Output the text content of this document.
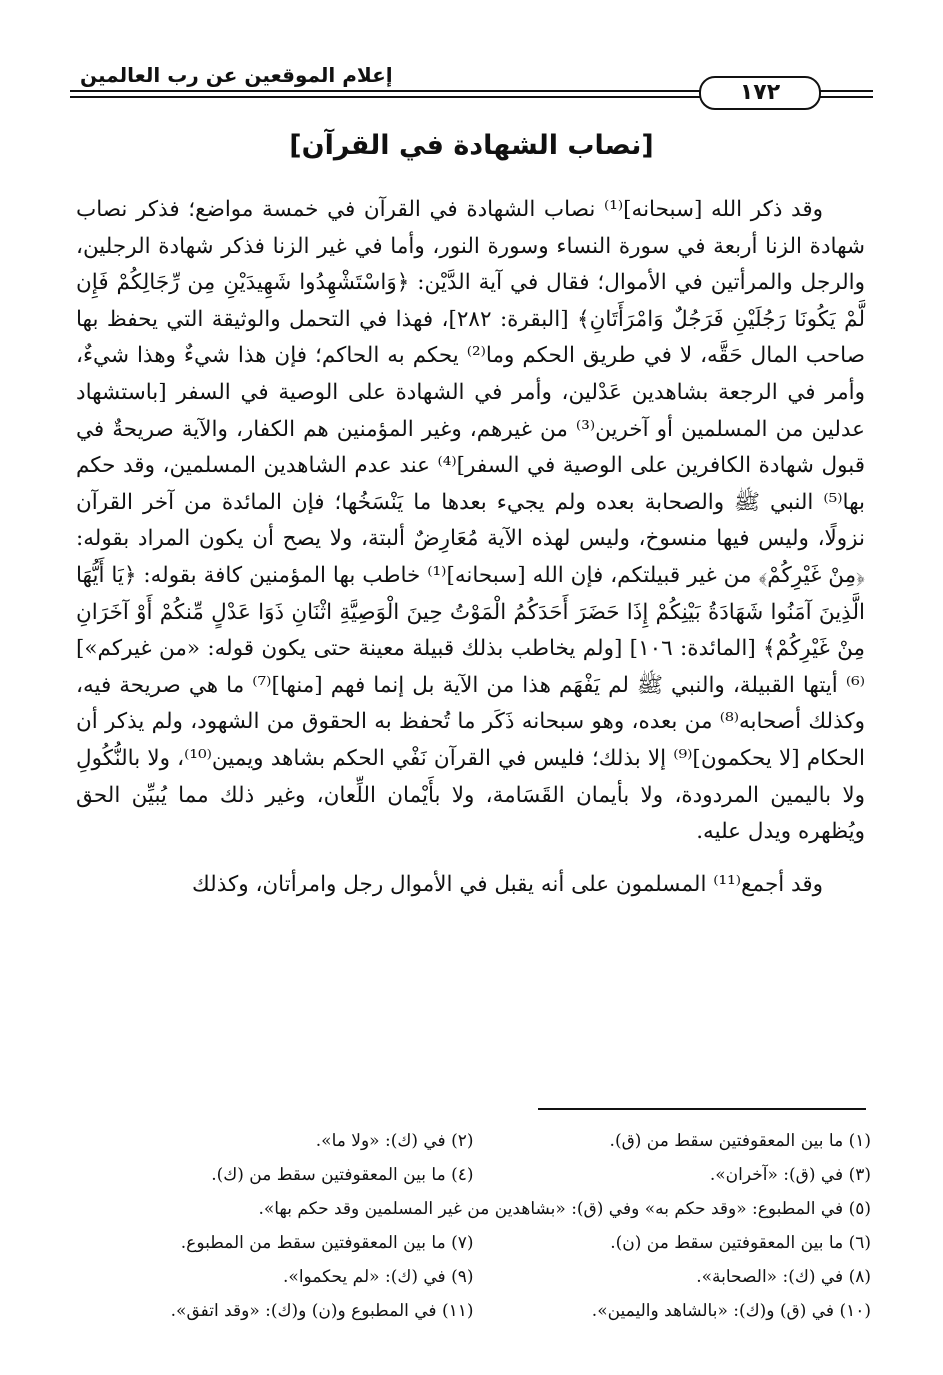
١٧٢
إعلام الموقعين عن رب العالمين
[نصاب الشهادة في القرآن]

وقد ذكر الله [سبحانه]⁽¹⁾ نصاب الشهادة في القرآن في خمسة مواضع؛ فذكر نصاب شهادة الزنا أربعة في سورة النساء وسورة النور، وأما في غير الزنا فذكر شهادة الرجلين، والرجل والمرأتين في الأموال؛ فقال في آية الدَّيْن: ﴿وَاسْتَشْهِدُوا شَهِيدَيْنِ مِن رِّجَالِكُمْ فَإِن لَّمْ يَكُونَا رَجُلَيْنِ فَرَجُلٌ وَامْرَأَتَانِ﴾ [البقرة: ٢٨٢]، فهذا في التحمل والوثيقة التي يحفظ بها صاحب المال حَقَّه، لا في طريق الحكم وما⁽²⁾ يحكم به الحاكم؛ فإن هذا شيءٌ وهذا شيءٌ، وأمر في الرجعة بشاهدين عَدْلين، وأمر في الشهادة على الوصية في السفر [باستشهاد عدلين من المسلمين أو آخرين⁽³⁾ من غيرهم، وغير المؤمنين هم الكفار، والآية صريحةٌ في قبول شهادة الكافرين على الوصية في السفر]⁽⁴⁾ عند عدم الشاهدين المسلمين، وقد حكم بها⁽⁵⁾ النبي ﷺ والصحابة بعده ولم يجيء بعدها ما يَنْسَخُها؛ فإن المائدة من آخر القرآن نزولًا، وليس فيها منسوخ، وليس لهذه الآية مُعَارِضٌ ألبتة، ولا يصح أن يكون المراد بقوله: ﴿مِنْ غَيْرِكُمْ﴾ من غير قبيلتكم، فإن الله [سبحانه]⁽¹⁾ خاطب بها المؤمنين كافة بقوله: ﴿يَا أَيُّهَا الَّذِينَ آمَنُوا شَهَادَةُ بَيْنِكُمْ إِذَا حَضَرَ أَحَدَكُمُ الْمَوْتُ حِينَ الْوَصِيَّةِ اثْنَانِ ذَوَا عَدْلٍ مِّنكُمْ أَوْ آخَرَانِ مِنْ غَيْرِكُمْ﴾ [المائدة: ١٠٦] [ولم يخاطب بذلك قبيلة معينة حتى يكون قوله: «من غيركم»]⁽⁶⁾ أيتها القبيلة، والنبي ﷺ لم يَفْهَم هذا من الآية بل إنما فهم [منها]⁽⁷⁾ ما هي صريحة فيه، وكذلك أصحابه⁽⁸⁾ من بعده، وهو سبحانه ذَكَر ما تُحفظ به الحقوق من الشهود، ولم يذكر أن الحكام [لا يحكمون]⁽⁹⁾ إلا بذلك؛ فليس في القرآن نَفْي الحكم بشاهد ويمين⁽¹⁰⁾، ولا بالنُّكُولِ ولا باليمين المردودة، ولا بأيمان القَسَامة، ولا بأَيْمان اللِّعان، وغير ذلك مما يُبيِّن الحق ويُظهره ويدل عليه.

وقد أجمع⁽¹¹⁾ المسلمون على أنه يقبل في الأموال رجل وامرأتان، وكذلك

(١) ما بين المعقوفتين سقط من (ق).
(٢) في (ك): «ولا ما».
(٣) في (ق): «آخران».
(٤) ما بين المعقوفتين سقط من (ك).
(٥) في المطبوع: «وقد حكم به» وفي (ق): «بشاهدين من غير المسلمين وقد حكم بها».
(٦) ما بين المعقوفتين سقط من (ن).
(٧) ما بين المعقوفتين سقط من المطبوع.
(٨) في (ك): «الصحابة».
(٩) في (ك): «لم يحكموا».
(١٠) في (ق) و(ك): «بالشاهد واليمين».
(١١) في المطبوع و(ن) و(ك): «وقد اتفق».
